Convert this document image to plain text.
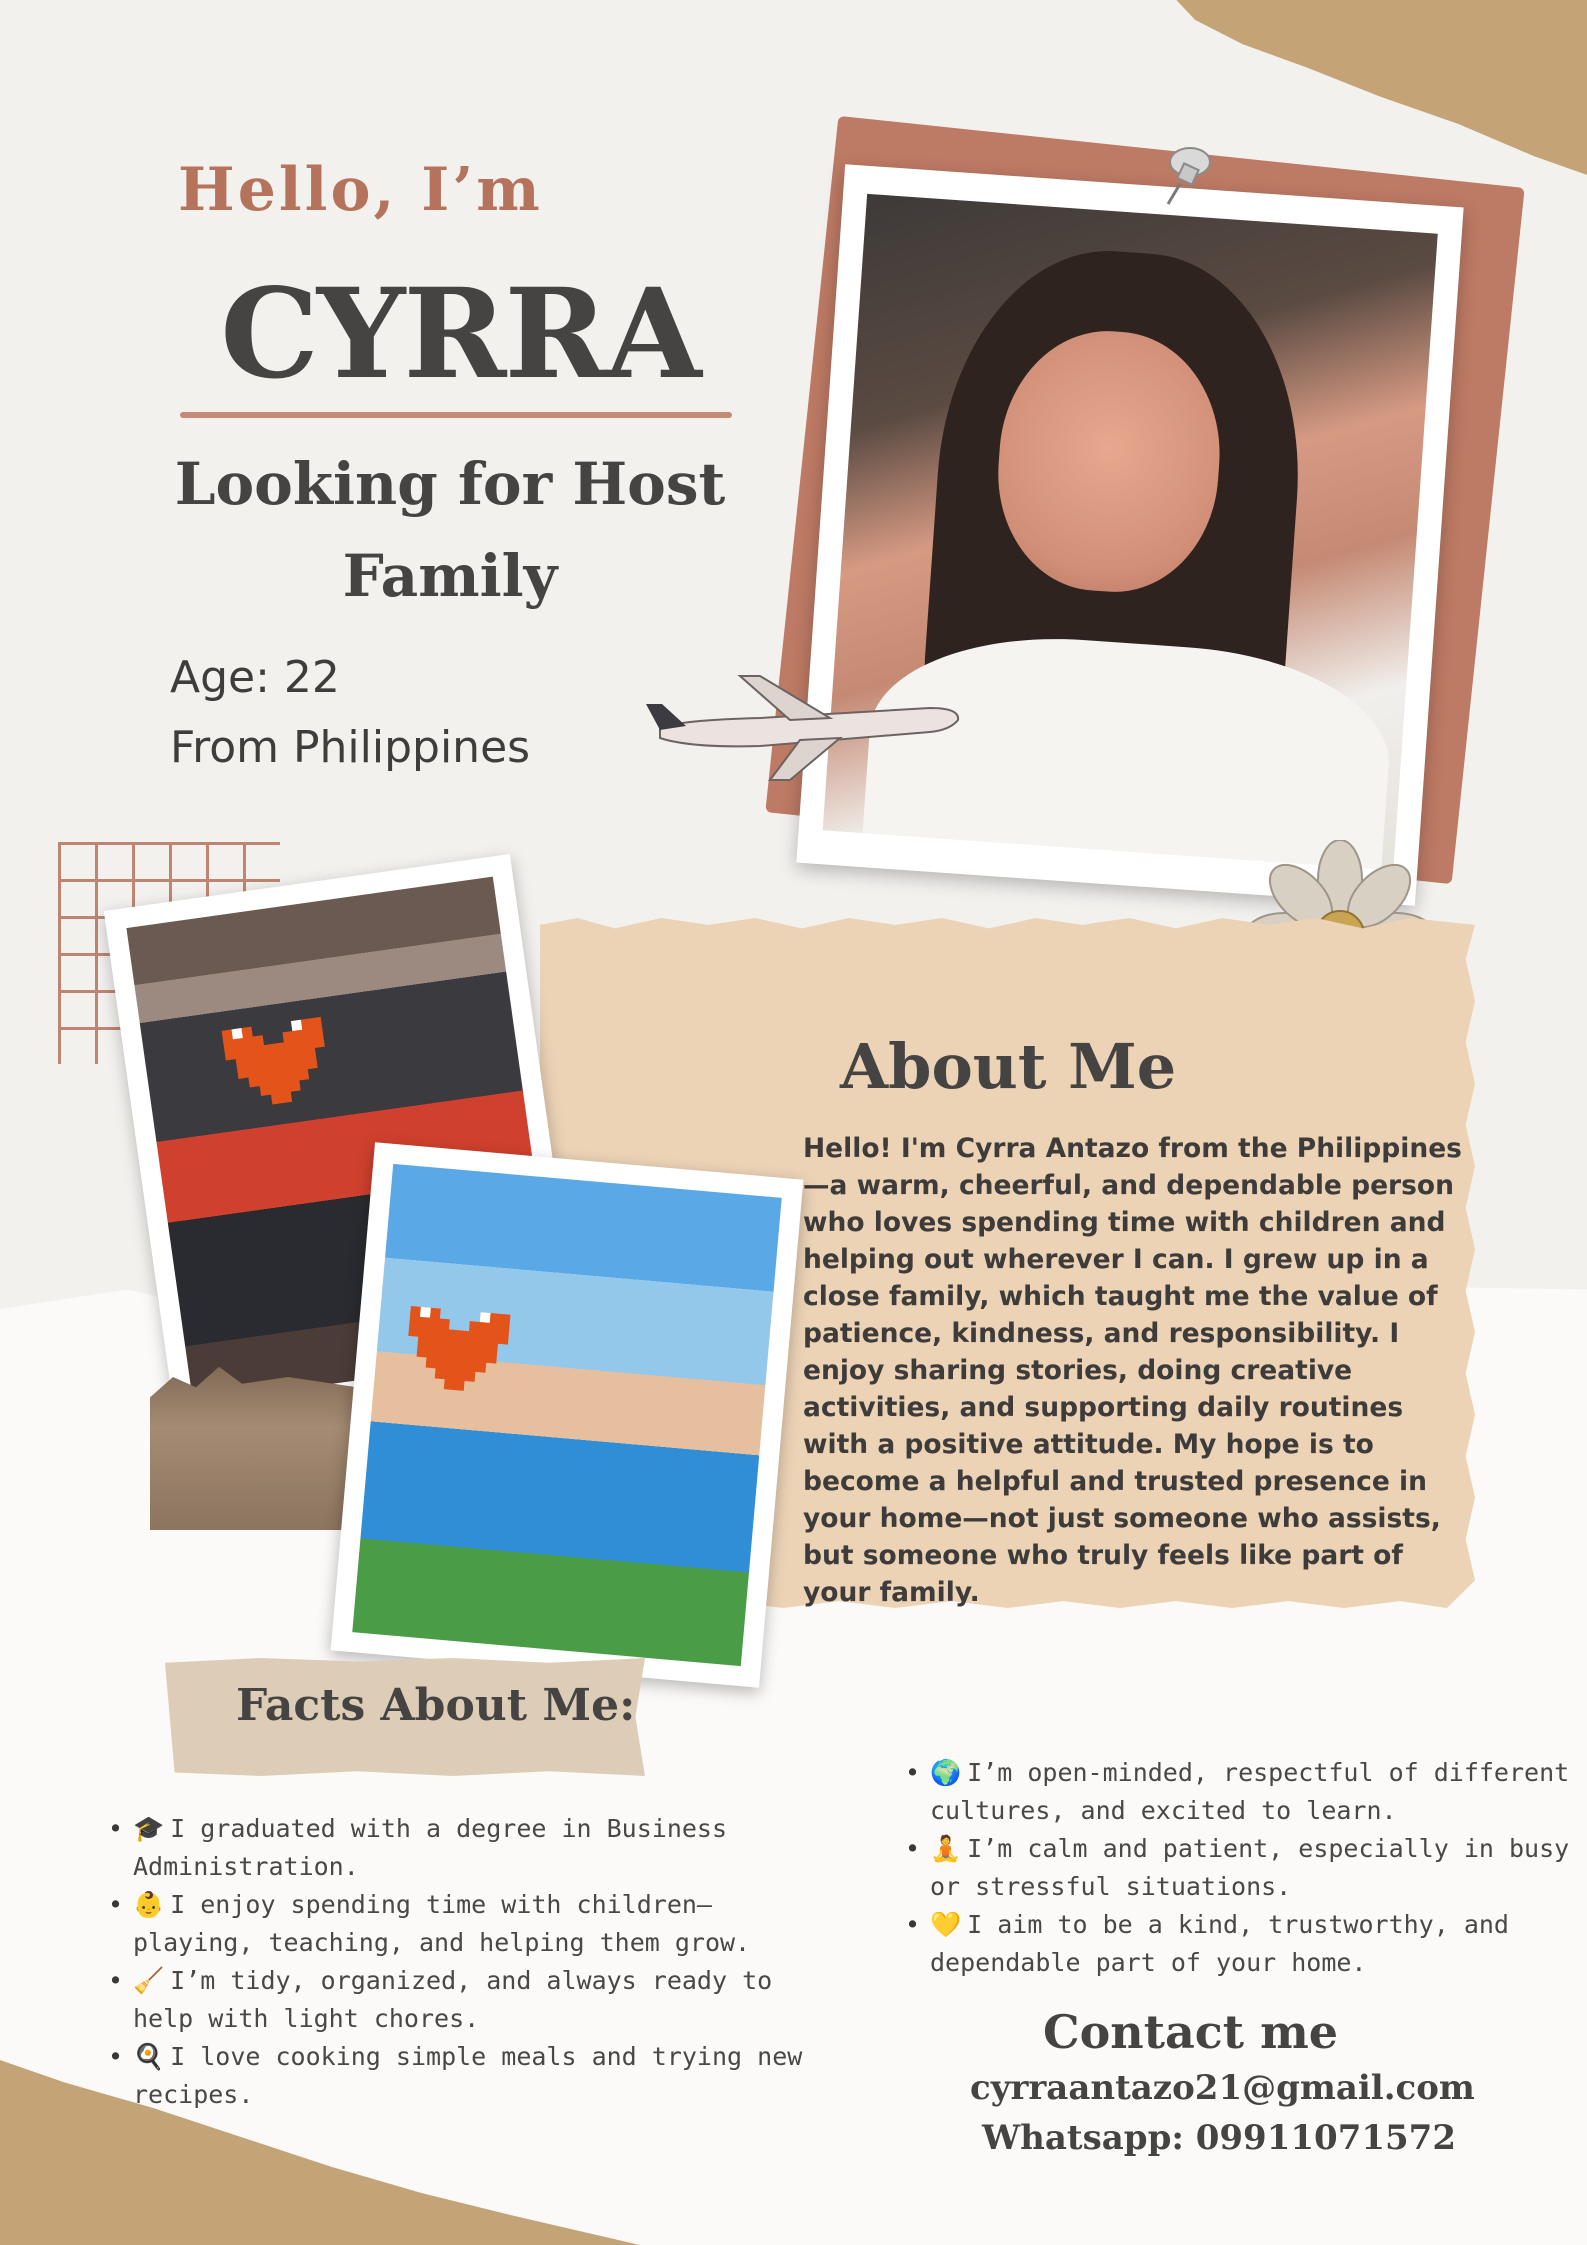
Hello, I’m
CYRRA
Looking for Host
Family
Age: 22
From Philippines
About Me
Hello! I'm Cyrra Antazo from the Philippines —a warm, cheerful, and dependable person who loves spending time with children and helping out wherever I can. I grew up in a close family, which taught me the value of patience, kindness, and responsibility. I enjoy sharing stories, doing creative activities, and supporting daily routines with a positive attitude. My hope is to become a helpful and trusted presence in your home—not just someone who assists, but someone who truly feels like part of your family.
Facts About Me:
• 🎓 I graduated with a degree in Business Administration.
• 👶 I enjoy spending time with children—playing, teaching, and helping them grow.
• 🧹 I’m tidy, organized, and always ready to help with light chores.
• 🍳 I love cooking simple meals and trying new recipes.
• 🌍 I’m open-minded, respectful of different cultures, and excited to learn.
• 🧘 I’m calm and patient, especially in busy or stressful situations.
• 💛 I aim to be a kind, trustworthy, and dependable part of your home.
Contact me
cyrraantazo21@gmail.com
Whatsapp: 09911071572
